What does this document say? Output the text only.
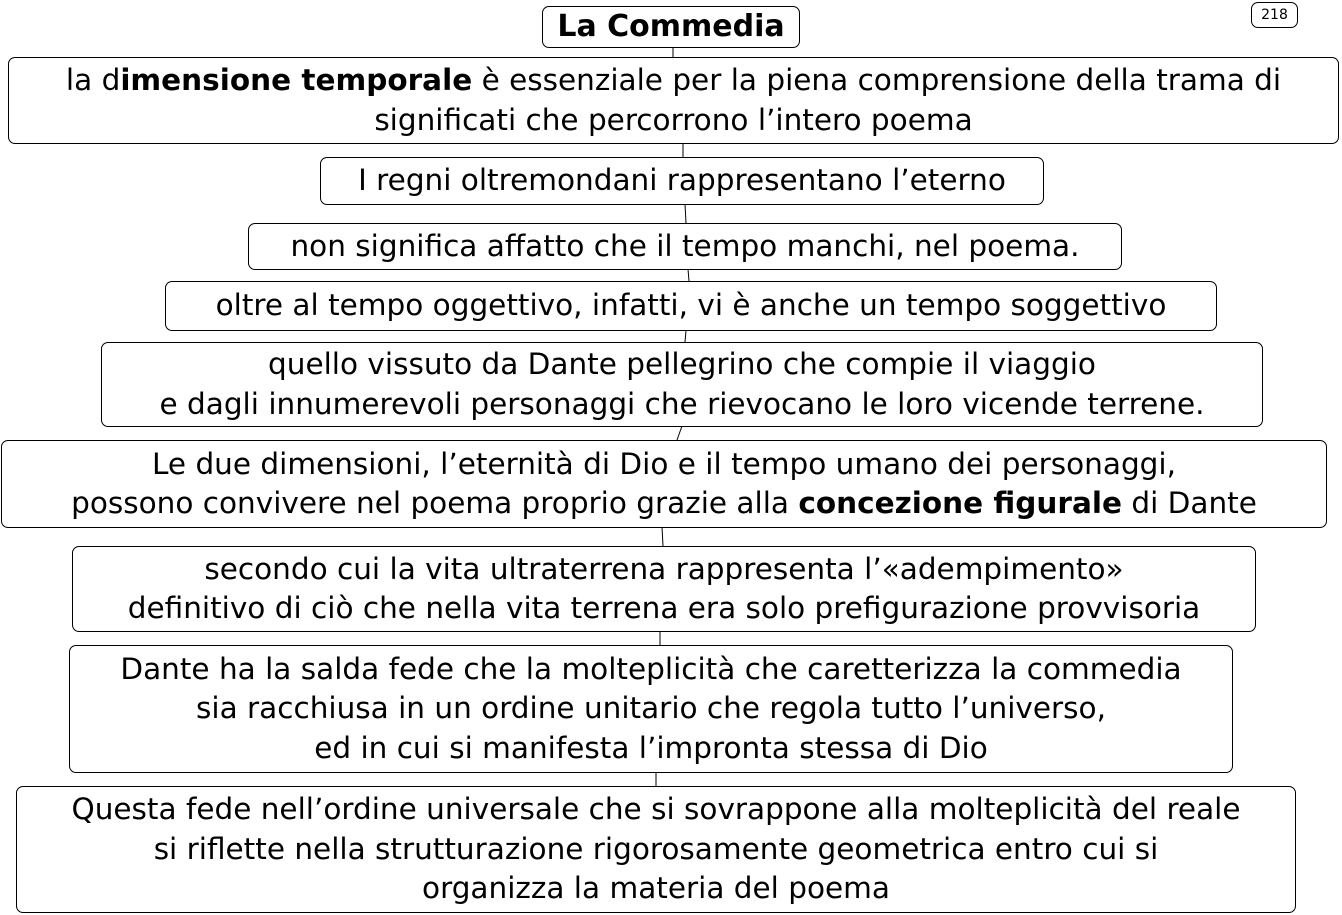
218
La Commedia
la dimensione temporale è essenziale per la piena comprensione della trama di
significati che percorrono l’intero poema
I regni oltremondani rappresentano l’eterno
non significa affatto che il tempo manchi, nel poema.
oltre al tempo oggettivo, infatti, vi è anche un tempo soggettivo
quello vissuto da Dante pellegrino che compie il viaggio
e dagli innumerevoli personaggi che rievocano le loro vicende terrene.
Le due dimensioni, l’eternità di Dio e il tempo umano dei personaggi,
possono convivere nel poema proprio grazie alla concezione figurale di Dante
secondo cui la vita ultraterrena rappresenta l’«adempimento»
definitivo di ciò che nella vita terrena era solo prefigurazione provvisoria
Dante ha la salda fede che la molteplicità che caretterizza la commedia
sia racchiusa in un ordine unitario che regola tutto l’universo,
ed in cui si manifesta l’impronta stessa di Dio
Questa fede nell’ordine universale che si sovrappone alla molteplicità del reale
si riflette nella strutturazione rigorosamente geometrica entro cui si
organizza la materia del poema
